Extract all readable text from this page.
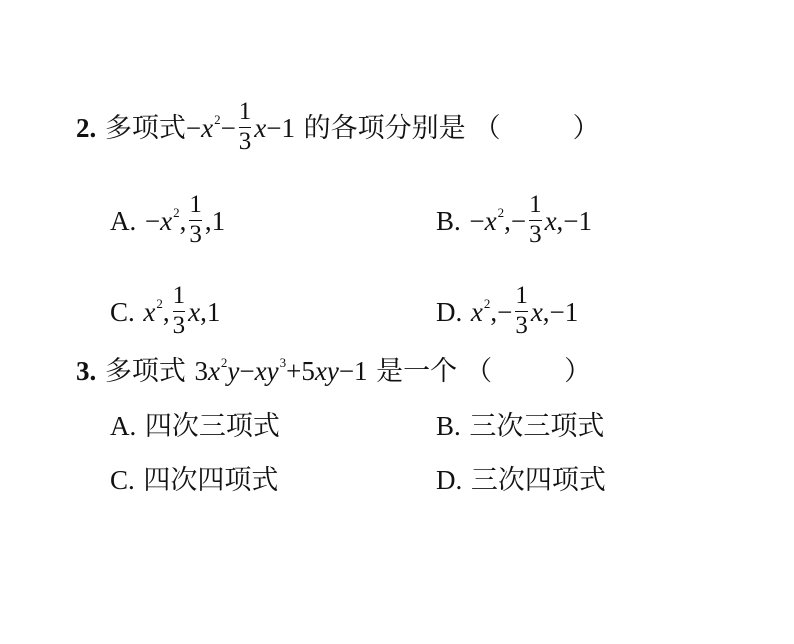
2. 多项式$-x^2- \frac{1}{3} x-1$ 的各项分别是 （	）
A. $-x^2$, $\frac{1}{3} ,1$	B. $-x^2,- \frac{1}{3} x,-1$
C. $x^2$, $\frac{1}{3} x,1$	D. $x^2,- \frac{1}{3} x,-1$
3. 多项式 $3x^2y-xy^3+5xy-1$ 是一个 （	）
A. 四次三项式	B. 三次三项式
C. 四次四项式	D. 三次四项式
